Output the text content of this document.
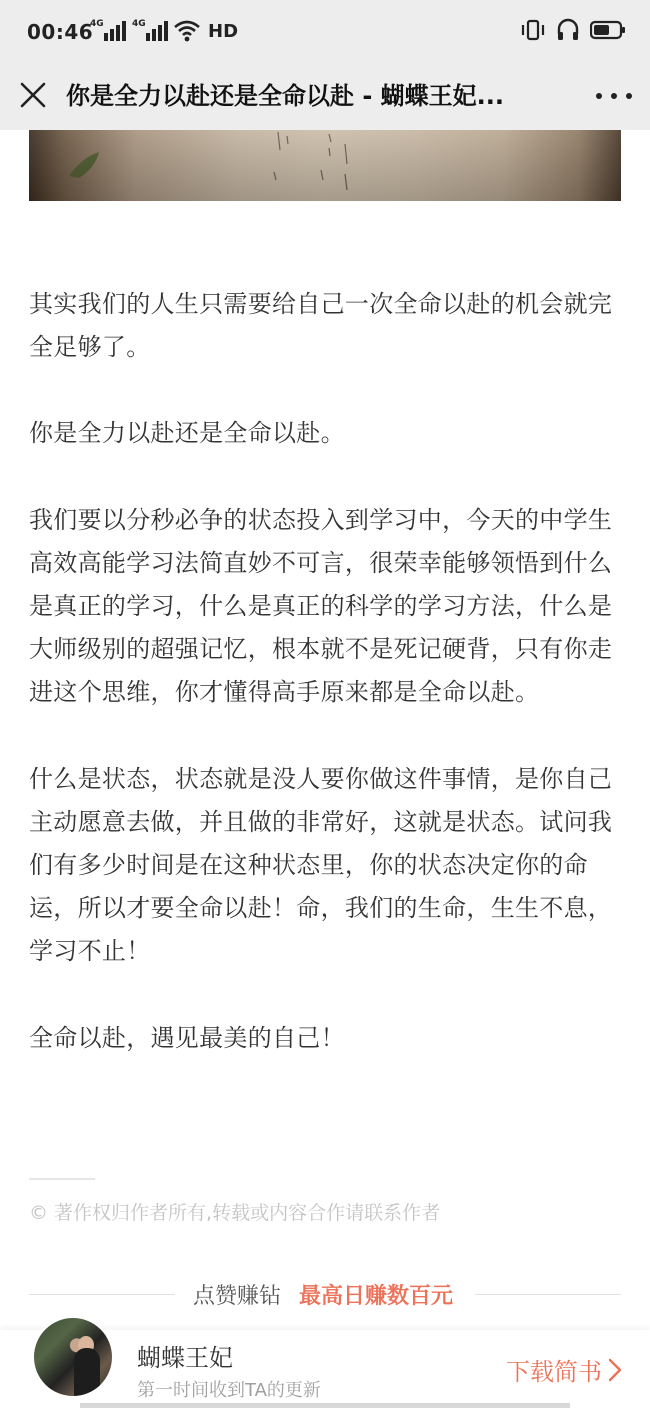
00:46
4G	4G	HD
你是全力以赴还是全命以赴 - 蝴蝶王妃...

其实我们的人生只需要给自己一次全命以赴的机会就完全足够了。

你是全力以赴还是全命以赴。

我们要以分秒必争的状态投入到学习中，今天的中学生高效高能学习法简直妙不可言，很荣幸能够领悟到什么是真正的学习，什么是真正的科学的学习方法，什么是大师级别的超强记忆，根本就不是死记硬背，只有你走进这个思维，你才懂得高手原来都是全命以赴。

什么是状态，状态就是没人要你做这件事情，是你自己主动愿意去做，并且做的非常好，这就是状态。试问我们有多少时间是在这种状态里，你的状态决定你的命运，所以才要全命以赴！命，我们的生命，生生不息，学习不止！

全命以赴，遇见最美的自己！

© 著作权归作者所有,转载或内容合作请联系作者
点赞赚钻 最高日赚数百元
蝴蝶王妃
第一时间收到TA的更新
下载简书
